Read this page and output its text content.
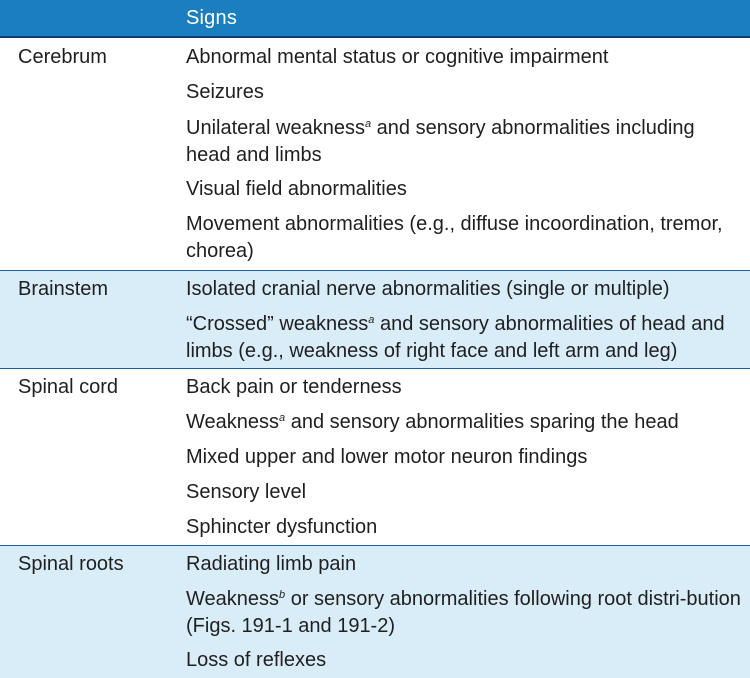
Signs
Cerebrum	Abnormal mental status or cognitive impairment
Seizures
Unilateral weakness$^a$ and sensory abnormalities including head and limbs
Visual field abnormalities
Movement abnormalities (e.g., diffuse incoordination, tremor, chorea)
Brainstem	Isolated cranial nerve abnormalities (single or multiple)
“Crossed” weakness$^a$ and sensory abnormalities of head and limbs (e.g., weakness of right face and left arm and leg)
Spinal cord	Back pain or tenderness
Weakness$^a$ and sensory abnormalities sparing the head
Mixed upper and lower motor neuron findings
Sensory level
Sphincter dysfunction
Spinal roots	Radiating limb pain
Weakness$^b$ or sensory abnormalities following root distri-bution (Figs. 191-1 and 191-2)
Loss of reflexes
